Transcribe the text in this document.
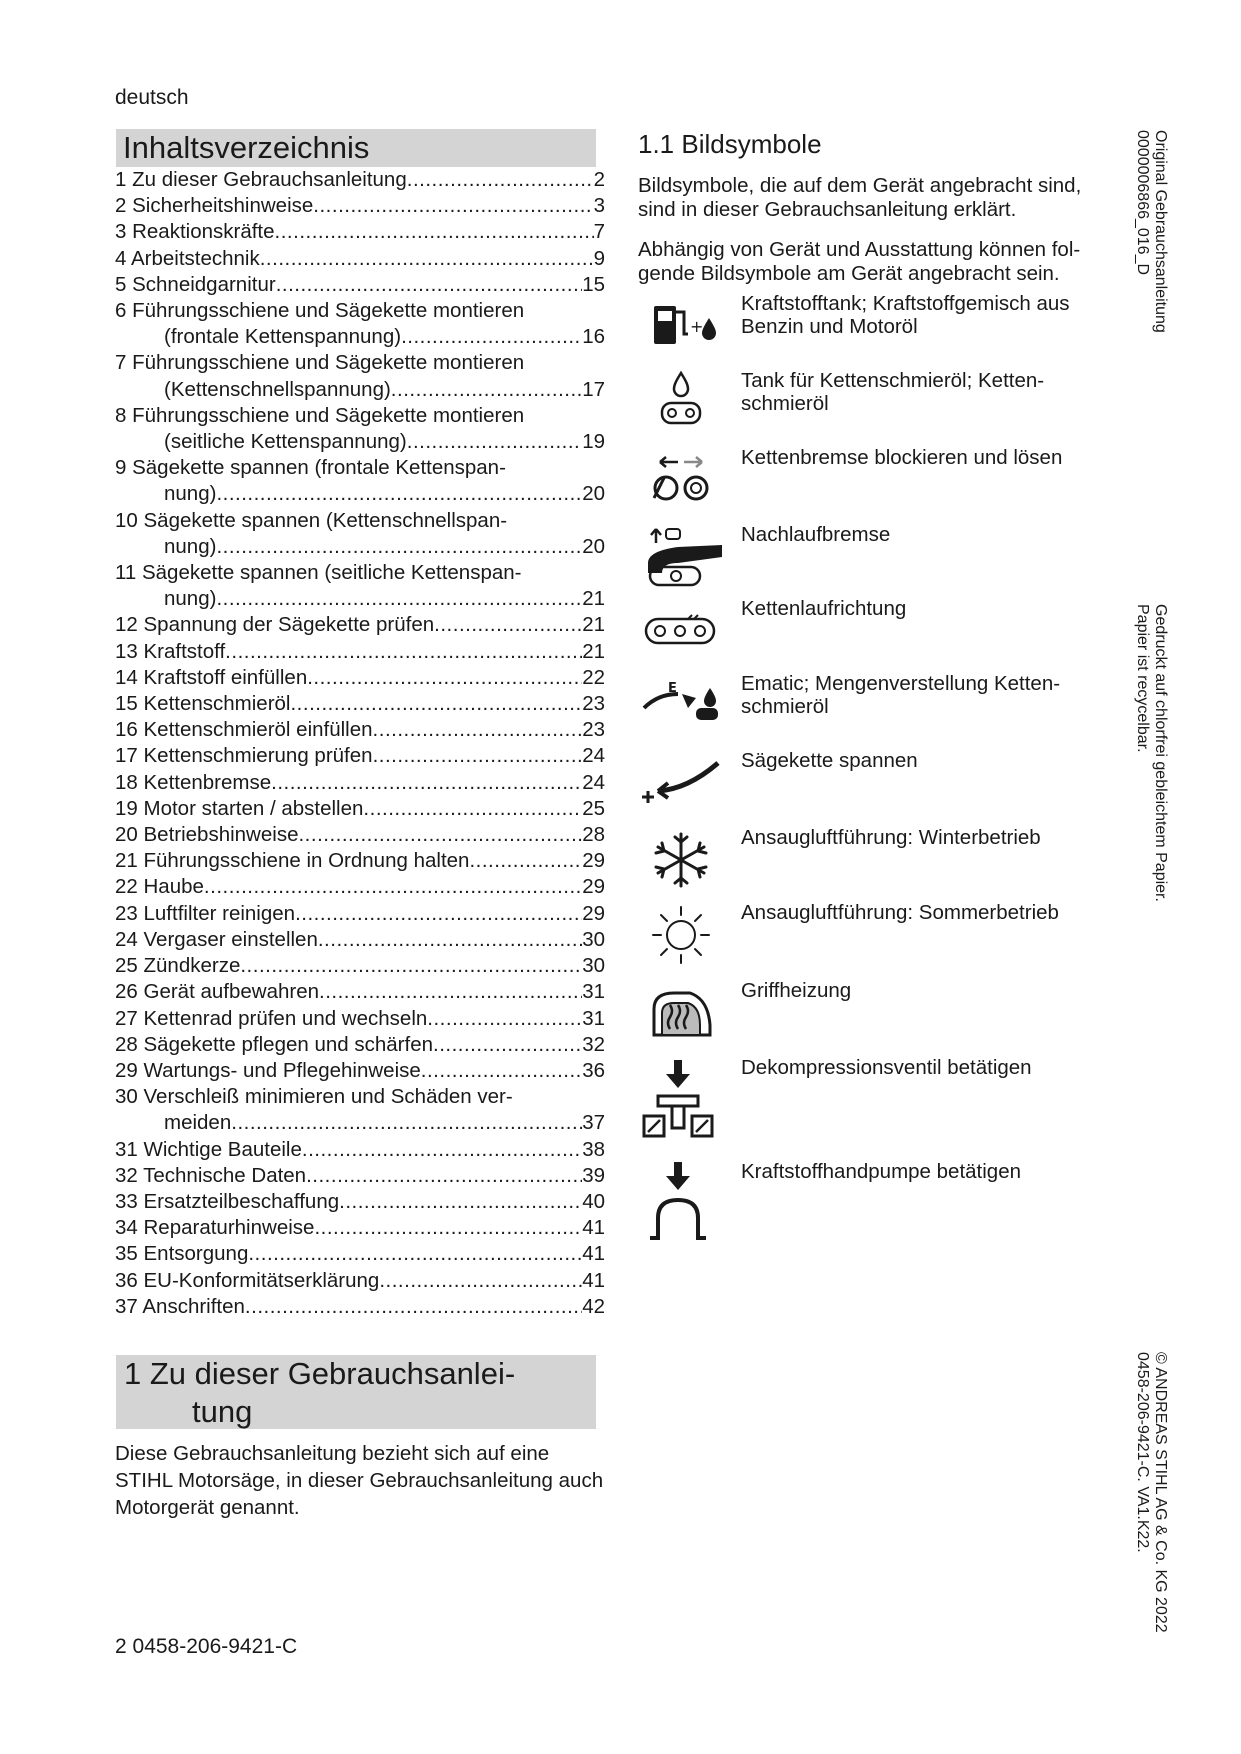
deutsch
Inhaltsverzeichnis
1 Zu dieser Gebrauchsanleitung .....	2
2 Sicherheitshinweise .....	3
3 Reaktionskräfte .....	7
4 Arbeitstechnik .....	9
5 Schneidgarnitur .....	15
6 Führungsschiene und Sägekette montieren
(frontale Kettenspannung) .....	16
7 Führungsschiene und Sägekette montieren
(Kettenschnellspannung) .....	17
8 Führungsschiene und Sägekette montieren
(seitliche Kettenspannung) .....	19
9 Sägekette spannen (frontale Kettenspan-
nung) .....	20
10 Sägekette spannen (Kettenschnellspan-
nung) .....	20
11 Sägekette spannen (seitliche Kettenspan-
nung) .....	21
12 Spannung der Sägekette prüfen .....	21
13 Kraftstoff .....	21
14 Kraftstoff einfüllen .....	22
15 Kettenschmieröl .....	23
16 Kettenschmieröl einfüllen .....	23
17 Kettenschmierung prüfen .....	24
18 Kettenbremse .....	24
19 Motor starten / abstellen .....	25
20 Betriebshinweise .....	28
21 Führungsschiene in Ordnung halten .....	29
22 Haube .....	29
23 Luftfilter reinigen .....	29
24 Vergaser einstellen .....	30
25 Zündkerze .....	30
26 Gerät aufbewahren .....	31
27 Kettenrad prüfen und wechseln .....	31
28 Sägekette pflegen und schärfen .....	32
29 Wartungs- und Pflegehinweise .....	36
30 Verschleiß minimieren und Schäden ver-
meiden .....	37
31 Wichtige Bauteile .....	38
32 Technische Daten .....	39
33 Ersatzteilbeschaffung .....	40
34 Reparaturhinweise .....	41
35 Entsorgung .....	41
36 EU-Konformitätserklärung .....	41
37 Anschriften .....	42
1 Zu dieser Gebrauchsanlei-
tung
Diese Gebrauchsanleitung bezieht sich auf eine STIHL Motorsäge, in dieser Gebrauchsanleitung auch Motorgerät genannt.
2 0458-206-9421-C
1.1 Bildsymbole
Bildsymbole, die auf dem Gerät angebracht sind, sind in dieser Gebrauchsanleitung erklärt.
Abhängig von Gerät und Ausstattung können fol-gende Bildsymbole am Gerät angebracht sein.
+
Kraftstofftank; Kraftstoffgemisch aus Benzin und Motoröl
Tank für Kettenschmieröl; Ketten-schmieröl
Kettenbremse blockieren und lösen
Nachlaufbremse
Kettenlaufrichtung
E	Ematic; Mengenverstellung Ketten-schmieröl
Sägekette spannen
Ansaugluftführung: Winterbetrieb
Ansaugluftführung: Sommerbetrieb
Griffheizung
Dekompressionsventil betätigen
Kraftstoffhandpumpe betätigen
Original Gebrauchsanleitung
0000006866_016_D
Gedruckt auf chlorfrei gebleichtem Papier.
Papier ist recycelbar.
© ANDREAS STIHL AG & Co. KG 2022
0458-206-9421-C. VA1.K22.
